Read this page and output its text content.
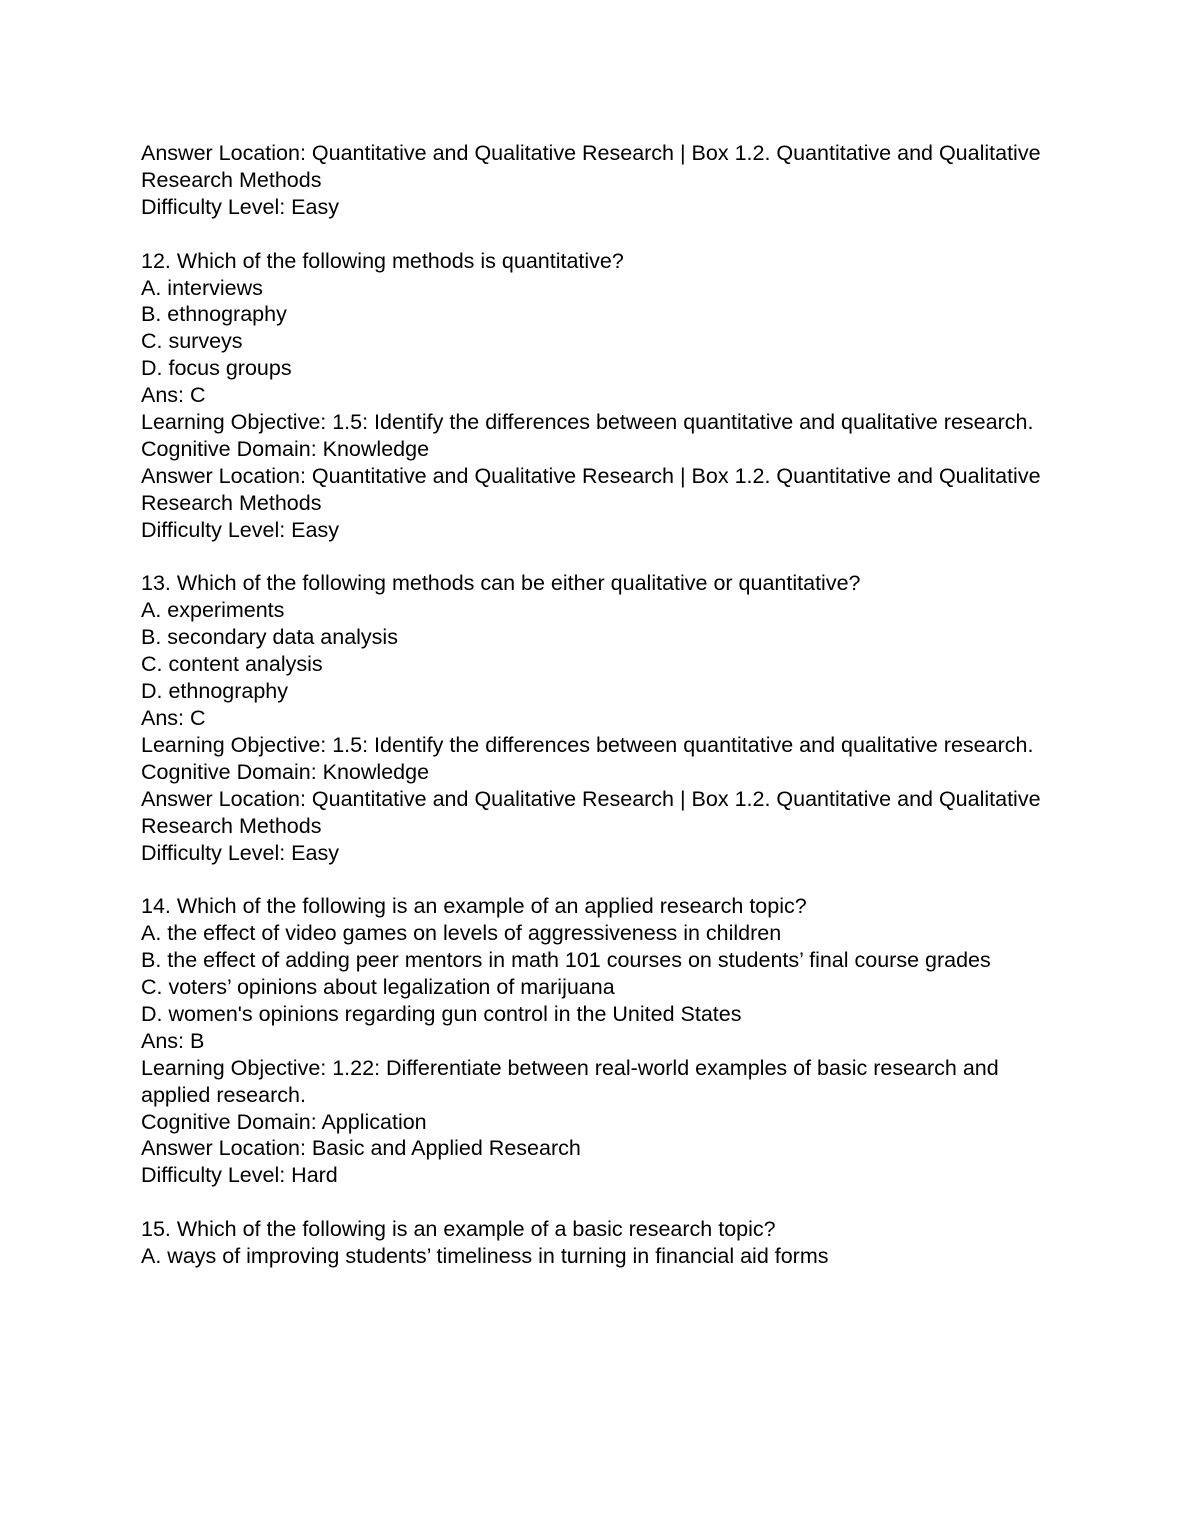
Answer Location: Quantitative and Qualitative Research | Box 1.2. Quantitative and Qualitative Research Methods
Difficulty Level: Easy
12. Which of the following methods is quantitative?
A. interviews
B. ethnography
C. surveys
D. focus groups
Ans: C
Learning Objective: 1.5: Identify the differences between quantitative and qualitative research.
Cognitive Domain: Knowledge
Answer Location: Quantitative and Qualitative Research | Box 1.2. Quantitative and Qualitative Research Methods
Difficulty Level: Easy
13. Which of the following methods can be either qualitative or quantitative?
A. experiments
B. secondary data analysis
C. content analysis
D. ethnography
Ans: C
Learning Objective: 1.5: Identify the differences between quantitative and qualitative research.
Cognitive Domain: Knowledge
Answer Location: Quantitative and Qualitative Research | Box 1.2. Quantitative and Qualitative Research Methods
Difficulty Level: Easy
14. Which of the following is an example of an applied research topic?
A. the effect of video games on levels of aggressiveness in children
B. the effect of adding peer mentors in math 101 courses on students’ final course grades
C. voters’ opinions about legalization of marijuana
D. women's opinions regarding gun control in the United States
Ans: B
Learning Objective: 1.22: Differentiate between real-world examples of basic research and applied research.
Cognitive Domain: Application
Answer Location: Basic and Applied Research
Difficulty Level: Hard
15. Which of the following is an example of a basic research topic?
A. ways of improving students’ timeliness in turning in financial aid forms
